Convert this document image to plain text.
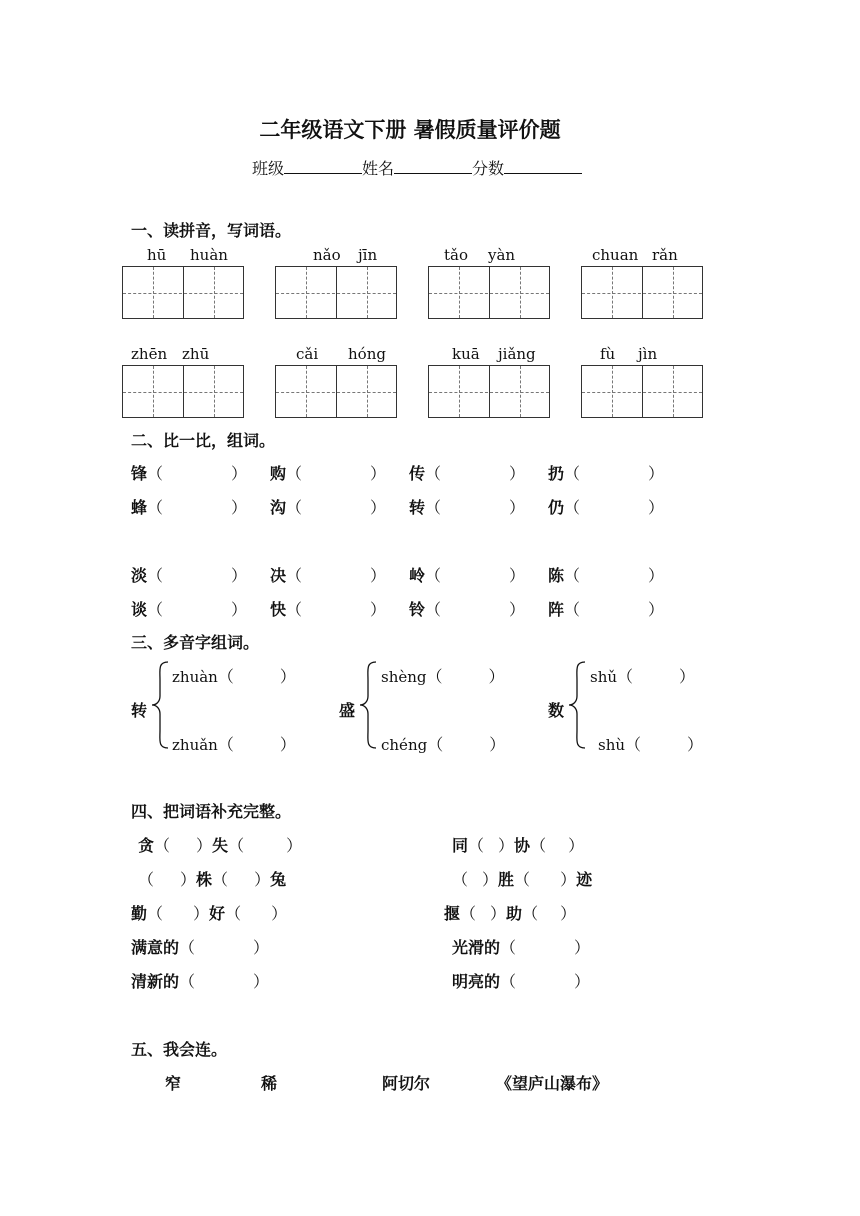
二年级语文下册 暑假质量评价题
班级	姓名	分数
一、读拼音，写词语。
hū huàn	nǎo jīn	tǎo yàn	chuan rǎn
zhēn zhū	cǎi hóng	kuā jiǎng	fù jìn
二、比一比，组词。
锋（	） 购（	） 传（	） 扔（	）
蜂（	） 沟（	） 转（	） 仍（	）
淡（	） 决（	） 岭（	） 陈（	）
谈（	） 快（	） 铃（	） 阵（	）
三、多音字组词。
转
zhuàn（	）
zhuǎn（	）
盛
shèng（	）
chéng（	）
数
shǔ（	）
shù（	）
四、把词语补充完整。
贪（ ）失（	）
（ ）株（ ）兔
勤（ ）好（ ）
满意的（	）
清新的（	）
同（ ）协（ ）
（ ）胜（ ）迹
揠（ ）助（ ）
光滑的（	）
明亮的（	）
五、我会连。
窄	稀	阿切尔	《望庐山瀑布》
